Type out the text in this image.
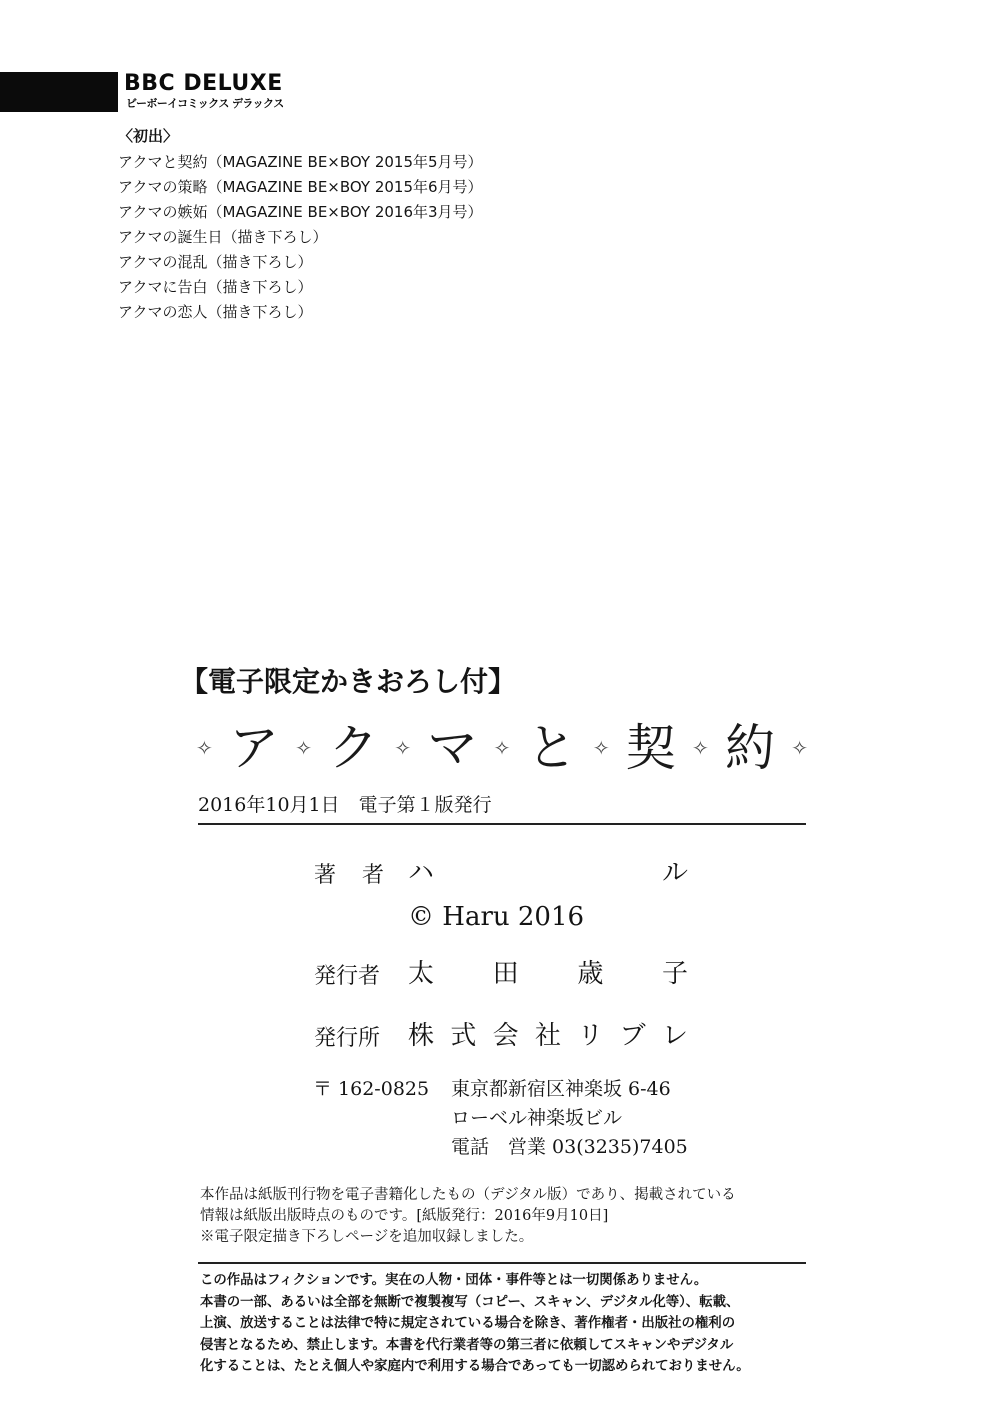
BBC DELUXE
ビーボーイコミックス デラックス
〈初出〉
アクマと契約（MAGAZINE BE×BOY 2015年5月号）
アクマの策略（MAGAZINE BE×BOY 2015年6月号）
アクマの嫉妬（MAGAZINE BE×BOY 2016年3月号）
アクマの誕生日（描き下ろし）
アクマの混乱（描き下ろし）
アクマに告白（描き下ろし）
アクマの恋人（描き下ろし）
【電子限定かきおろし付】
✧ ア ✧ ク ✧ マ ✧ と ✧ 契 ✧ 約 ✧
2016年10月1日　電子第１版発行
著 者 ハ	ル
© Haru 2016
発行者 太 田 歳 子
発行所 株 式 会 社 リ ブ レ
〒 162-0825 東京都新宿区神楽坂 6-46
ローベル神楽坂ビル
電話　営業 03(3235)7405
本作品は紙版刊行物を電子書籍化したもの（デジタル版）であり、掲載されている
情報は紙版出版時点のものです。[紙版発行：2016年9月10日]
※電子限定描き下ろしページを追加収録しました。
この作品はフィクションです。実在の人物・団体・事件等とは一切関係ありません。
本書の一部、あるいは全部を無断で複製複写（コピー、スキャン、デジタル化等）、転載、
上演、放送することは法律で特に規定されている場合を除き、著作権者・出版社の権利の
侵害となるため、禁止します。本書を代行業者等の第三者に依頼してスキャンやデジタル
化することは、たとえ個人や家庭内で利用する場合であっても一切認められておりません。
